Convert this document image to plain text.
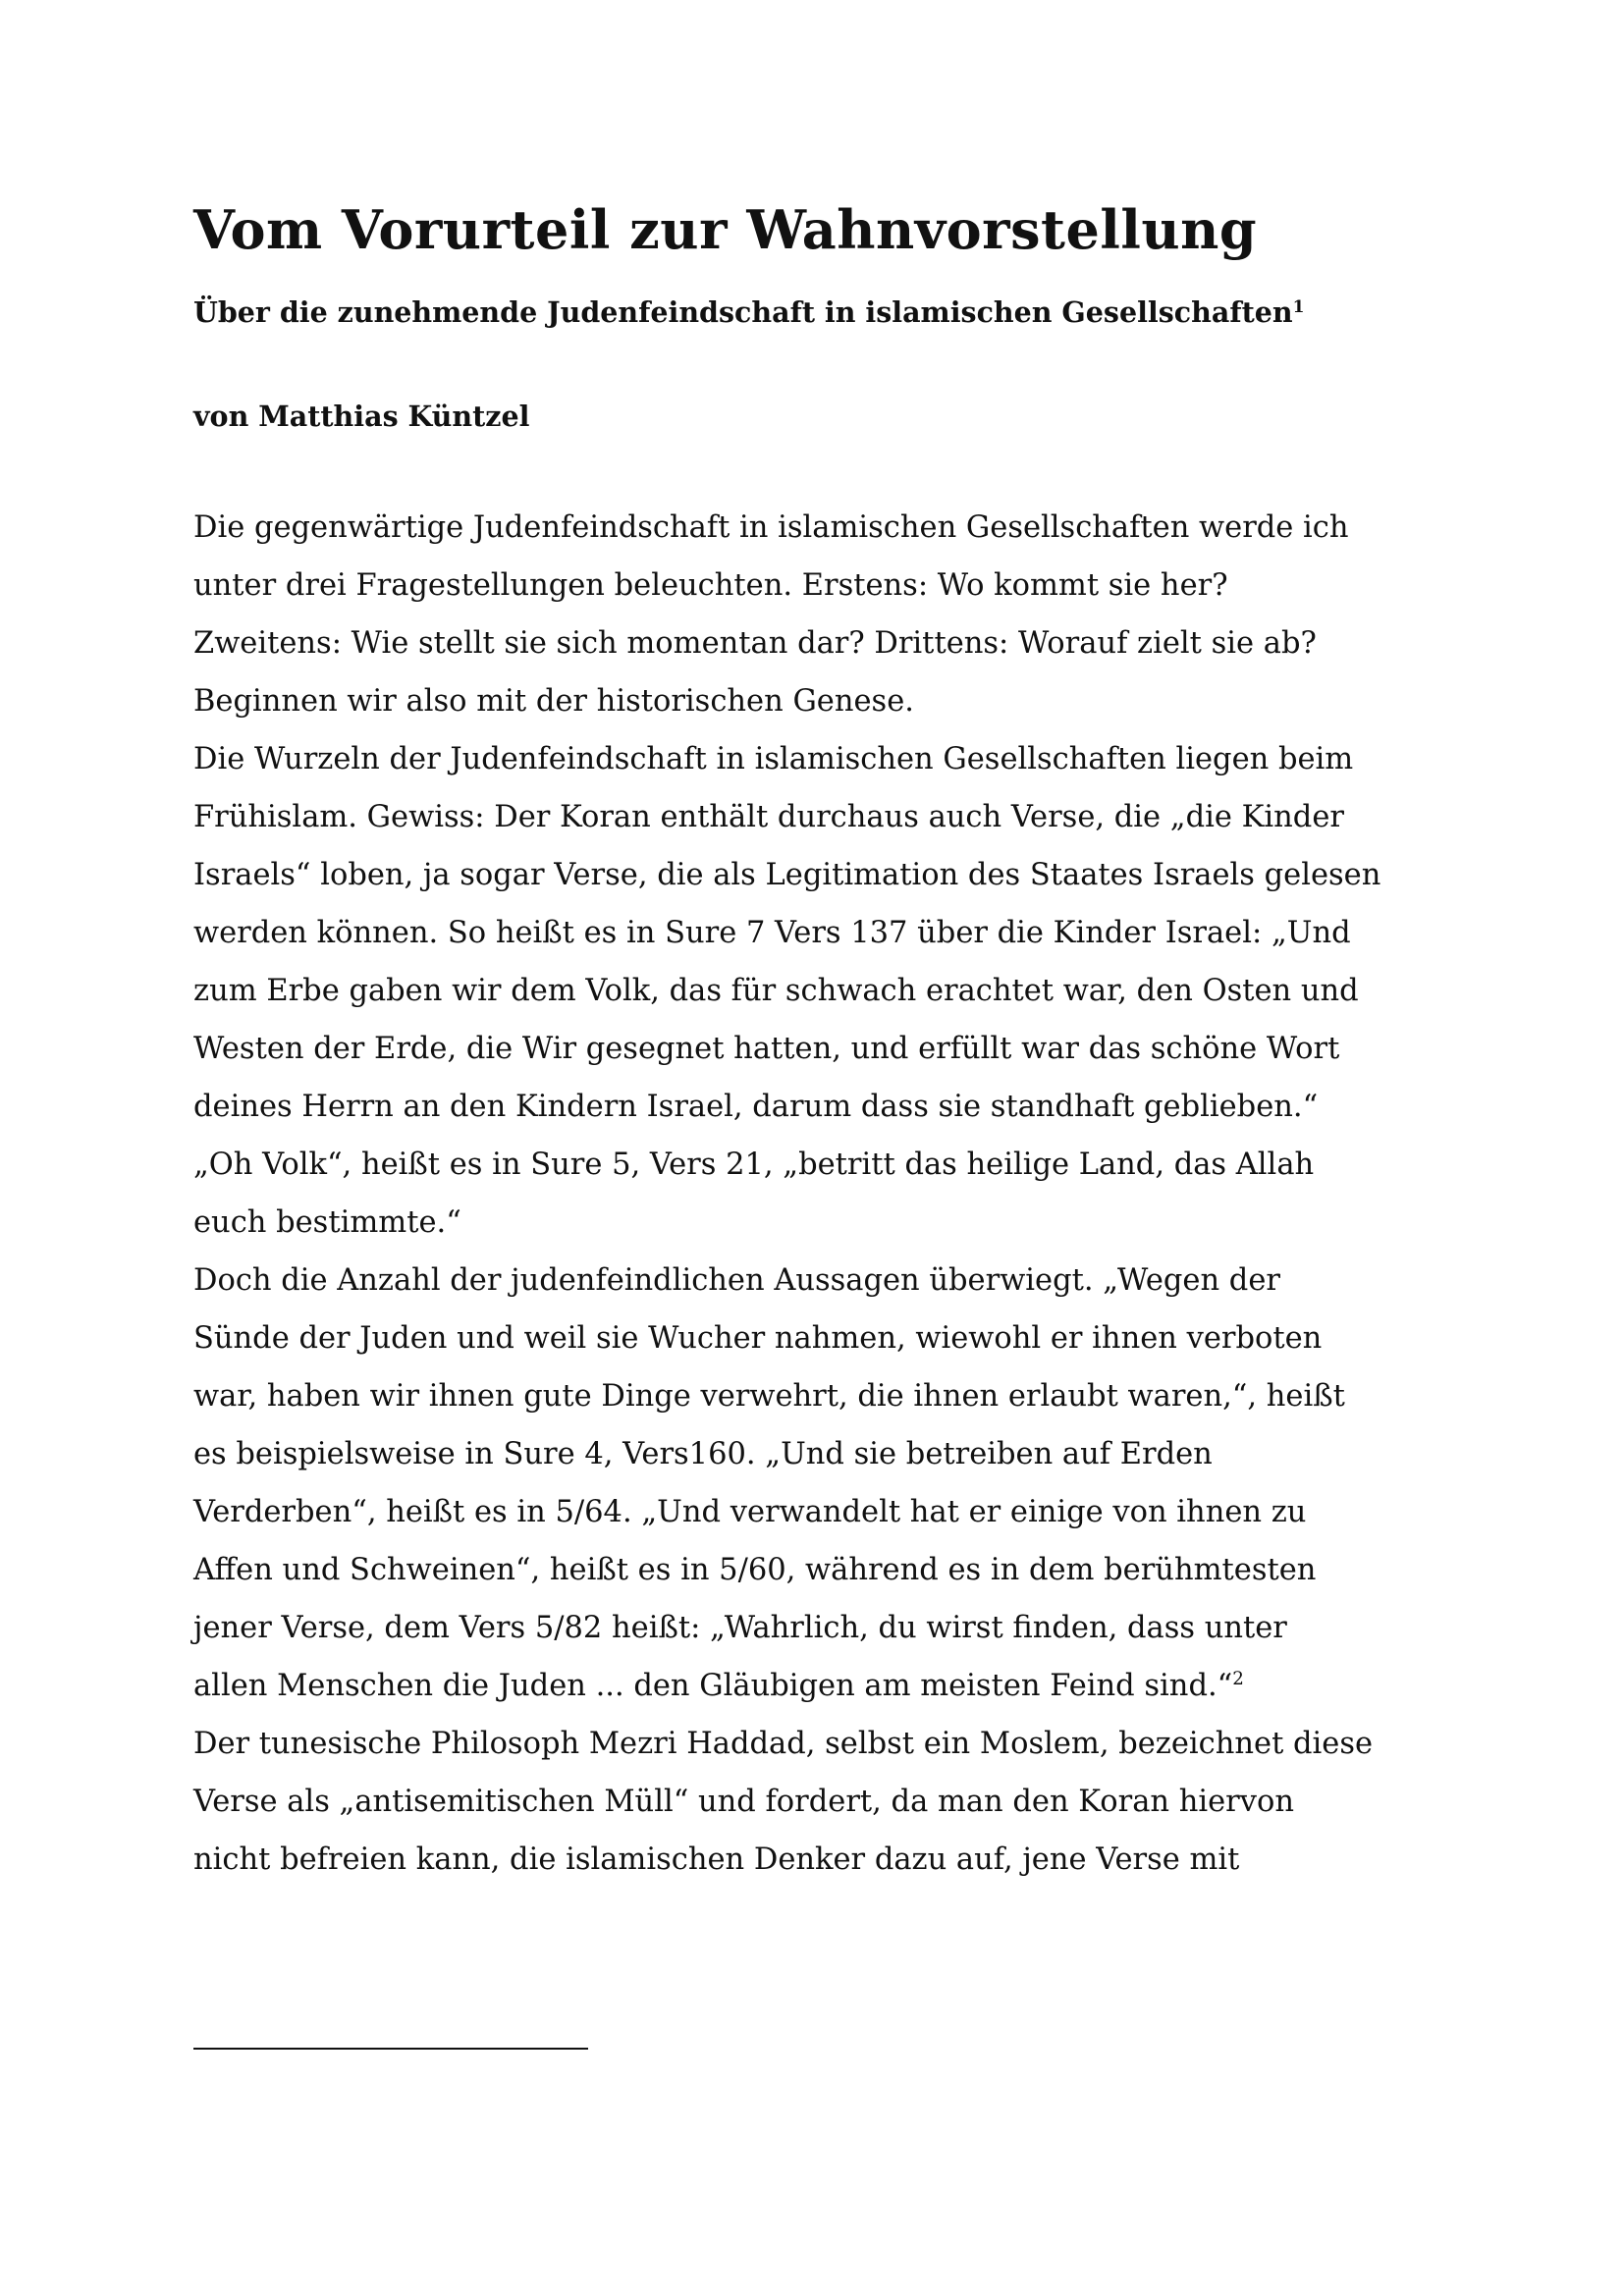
Vom Vorurteil zur Wahnvorstellung
Über die zunehmende Judenfeindschaft in islamischen Gesellschaften$^1$
von Matthias Küntzel

Die gegenwärtige Judenfeindschaft in islamischen Gesellschaften werde ich
unter drei Fragestellungen beleuchten. Erstens: Wo kommt sie her?
Zweitens: Wie stellt sie sich momentan dar? Drittens: Worauf zielt sie ab?
Beginnen wir also mit der historischen Genese.

Die Wurzeln der Judenfeindschaft in islamischen Gesellschaften liegen beim
Frühislam. Gewiss: Der Koran enthält durchaus auch Verse, die „die Kinder
Israels“ loben, ja sogar Verse, die als Legitimation des Staates Israels gelesen
werden können. So heißt es in Sure 7 Vers 137 über die Kinder Israel: „Und
zum Erbe gaben wir dem Volk, das für schwach erachtet war, den Osten und
Westen der Erde, die Wir gesegnet hatten, und erfüllt war das schöne Wort
deines Herrn an den Kindern Israel, darum dass sie standhaft geblieben.“
„Oh Volk“, heißt es in Sure 5, Vers 21, „betritt das heilige Land, das Allah
euch bestimmte.“

Doch die Anzahl der judenfeindlichen Aussagen überwiegt. „Wegen der
Sünde der Juden und weil sie Wucher nahmen, wiewohl er ihnen verboten
war, haben wir ihnen gute Dinge verwehrt, die ihnen erlaubt waren,“, heißt
es beispielsweise in Sure 4, Vers160. „Und sie betreiben auf Erden
Verderben“, heißt es in 5/64. „Und verwandelt hat er einige von ihnen zu
Affen und Schweinen“, heißt es in 5/60, während es in dem berühmtesten
jener Verse, dem Vers 5/82 heißt: „Wahrlich, du wirst finden, dass unter
allen Menschen die Juden ... den Gläubigen am meisten Feind sind.“$^2$

Der tunesische Philosoph Mezri Haddad, selbst ein Moslem, bezeichnet diese
Verse als „antisemitischen Müll“ und fordert, da man den Koran hiervon
nicht befreien kann, die islamischen Denker dazu auf, jene Verse mit
